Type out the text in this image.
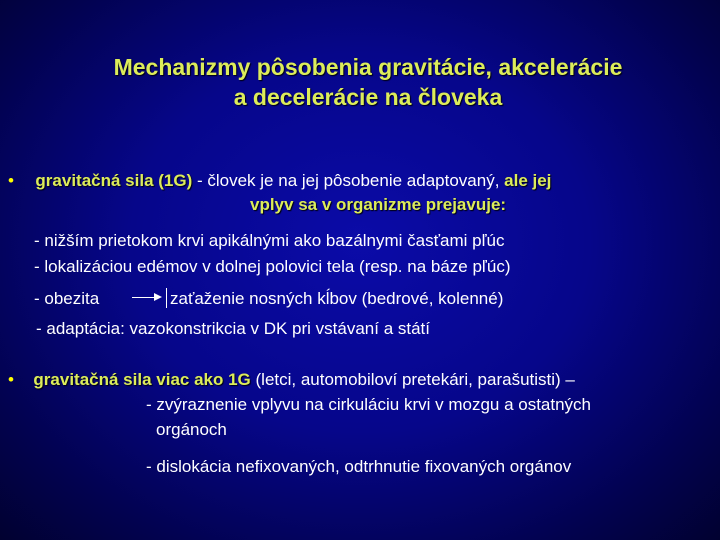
Mechanizmy pôsobenia gravitácie, akcelerácie
a decelerácie na človeka
• gravitačná sila (1G) - človek je na jej pôsobenie adaptovaný, ale jej
vplyv sa v organizme prejavuje:
- nižším prietokom krvi apikálnými ako bazálnymi časťami pľúc
- lokalizáciou edémov v dolnej polovici tela (resp. na báze pľúc)
- obezita	zaťaženie nosných kĺbov (bedrové, kolenné)
- adaptácia: vazokonstrikcia v DK pri vstávaní a státí
• gravitačná sila viac ako 1G (letci, automobiloví pretekári, parašutisti) –
- zvýraznenie vplyvu na cirkuláciu krvi v mozgu a ostatných
orgánoch
- dislokácia nefixovaných, odtrhnutie fixovaných orgánov
